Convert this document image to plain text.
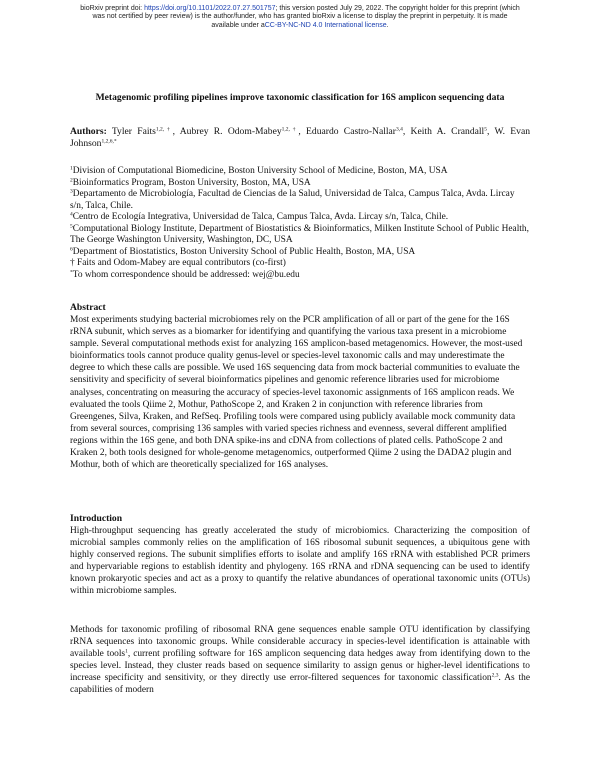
bioRxiv preprint doi: https://doi.org/10.1101/2022.07.27.501757; this version posted July 29, 2022. The copyright holder for this preprint (which
was not certified by peer review) is the author/funder, who has granted bioRxiv a license to display the preprint in perpetuity. It is made
available under aCC-BY-NC-ND 4.0 International license.
Metagenomic profiling pipelines improve taxonomic classification for 16S amplicon sequencing data
Authors: Tyler Faits$^{1,2,\dagger}$, Aubrey R. Odom-Mabey$^{1,2,\dagger}$, Eduardo Castro-Nallar$^{3,4}$, Keith A. Crandall$^5$, W. Evan Johnson$^{1,2,6,*}$

$^1$Division of Computational Biomedicine, Boston University School of Medicine, Boston, MA, USA

$^2$Bioinformatics Program, Boston University, Boston, MA, USA

$^3$Departamento de Microbiología, Facultad de Ciencias de la Salud, Universidad de Talca, Campus Talca, Avda. Lircay s/n, Talca, Chile.

$^4$Centro de Ecología Integrativa, Universidad de Talca, Campus Talca, Avda. Lircay s/n, Talca, Chile.

$^5$Computational Biology Institute, Department of Biostatistics & Bioinformatics, Milken Institute School of Public Health, The George Washington University, Washington, DC, USA

$^6$Department of Biostatistics, Boston University School of Public Health, Boston, MA, USA

† Faits and Odom-Mabey are equal contributors (co-first)

*To whom correspondence should be addressed: wej@bu.edu

Abstract

Most experiments studying bacterial microbiomes rely on the PCR amplification of all or part of the gene for the 16S rRNA subunit, which serves as a biomarker for identifying and quantifying the various taxa present in a microbiome sample. Several computational methods exist for analyzing 16S amplicon-based metagenomics. However, the most-used bioinformatics tools cannot produce quality genus-level or species-level taxonomic calls and may underestimate the degree to which these calls are possible. We used 16S sequencing data from mock bacterial communities to evaluate the sensitivity and specificity of several bioinformatics pipelines and genomic reference libraries used for microbiome analyses, concentrating on measuring the accuracy of species-level taxonomic assignments of 16S amplicon reads. We evaluated the tools Qiime 2, Mothur, PathoScope 2, and Kraken 2 in conjunction with reference libraries from Greengenes, Silva, Kraken, and RefSeq. Profiling tools were compared using publicly available mock community data from several sources, comprising 136 samples with varied species richness and evenness, several different amplified regions within the 16S gene, and both DNA spike-ins and cDNA from collections of plated cells. PathoScope 2 and Kraken 2, both tools designed for whole-genome metagenomics, outperformed Qiime 2 using the DADA2 plugin and Mothur, both of which are theoretically specialized for 16S analyses.

Introduction

High-throughput sequencing has greatly accelerated the study of microbiomics. Characterizing the composition of microbial samples commonly relies on the amplification of 16S ribosomal subunit sequences, a ubiquitous gene with highly conserved regions. The subunit simplifies efforts to isolate and amplify 16S rRNA with established PCR primers and hypervariable regions to establish identity and phylogeny. 16S rRNA and rDNA sequencing can be used to identify known prokaryotic species and act as a proxy to quantify the relative abundances of operational taxonomic units (OTUs) within microbiome samples.

Methods for taxonomic profiling of ribosomal RNA gene sequences enable sample OTU identification by classifying rRNA sequences into taxonomic groups. While considerable accuracy in species-level identification is attainable with available tools$^1$, current profiling software for 16S amplicon sequencing data hedges away from identifying down to the species level. Instead, they cluster reads based on sequence similarity to assign genus or higher-level identifications to increase specificity and sensitivity, or they directly use error-filtered sequences for taxonomic classification$^{2,3}$. As the capabilities of modern
